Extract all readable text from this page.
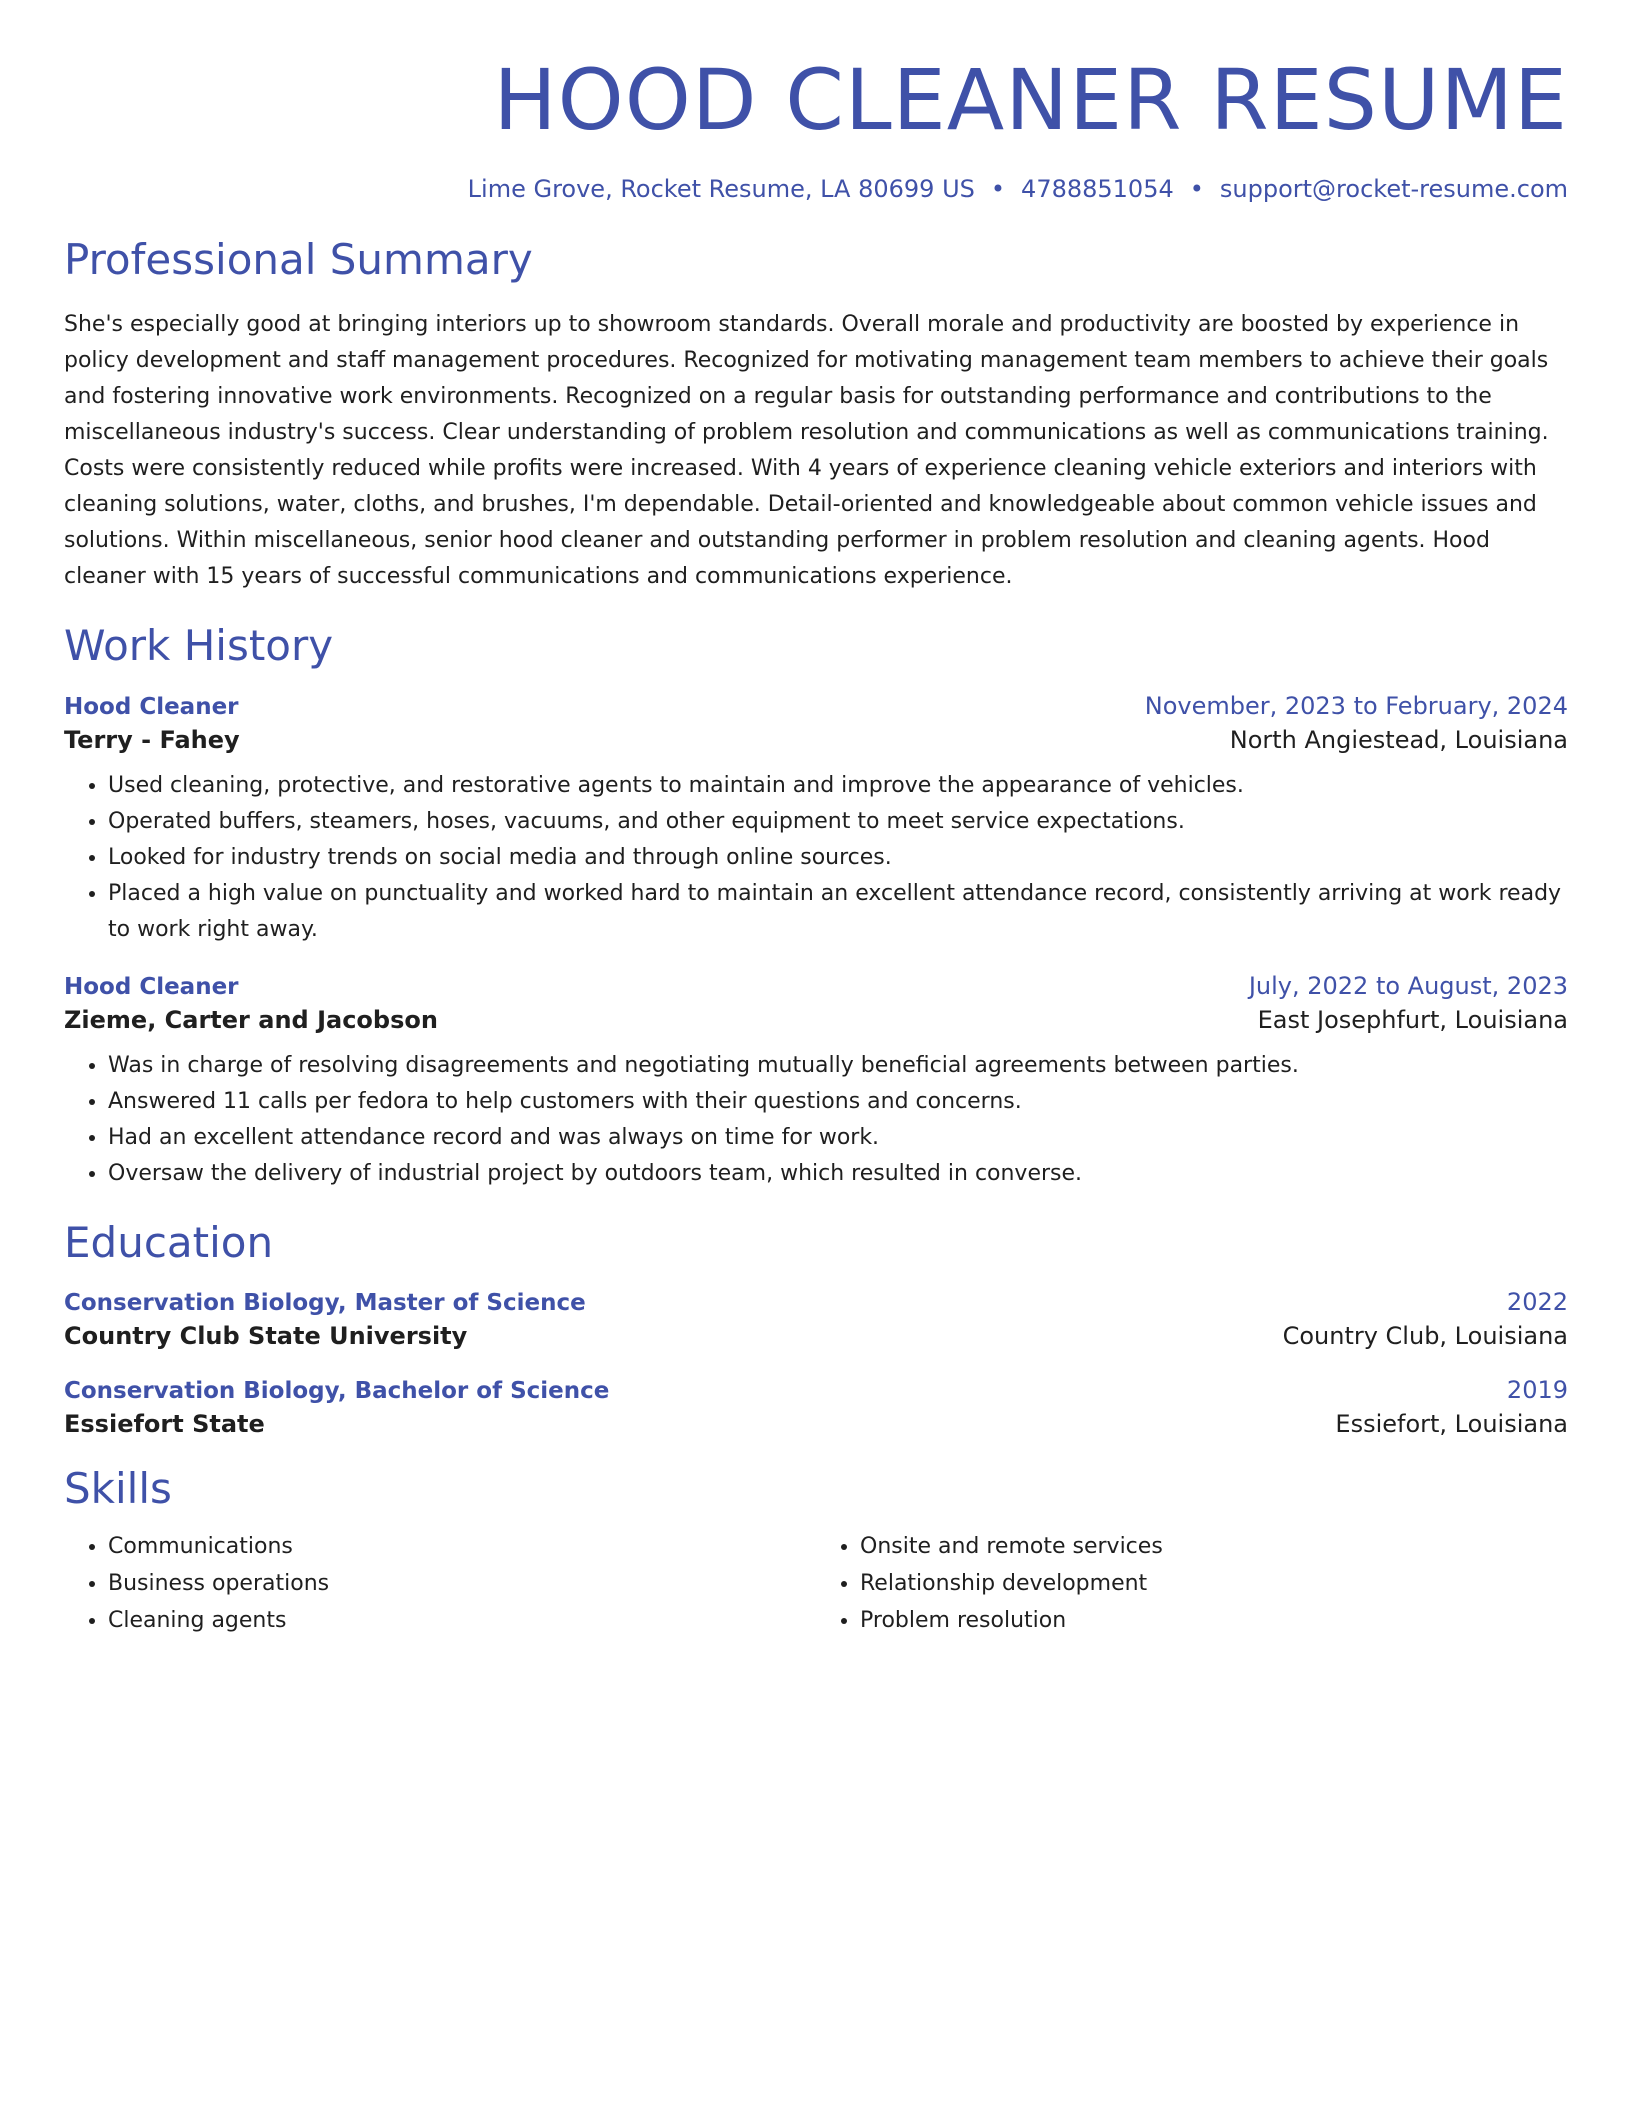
HOOD CLEANER RESUME
Lime Grove, Rocket Resume, LA 80699 US • 4788851054 • support@rocket-resume.com
Professional Summary

She's especially good at bringing interiors up to showroom standards. Overall morale and productivity are boosted by experience in policy development and staff management procedures. Recognized for motivating management team members to achieve their goals and fostering innovative work environments. Recognized on a regular basis for outstanding performance and contributions to the miscellaneous industry's success. Clear understanding of problem resolution and communications as well as communications training. Costs were consistently reduced while profits were increased. With 4 years of experience cleaning vehicle exteriors and interiors with cleaning solutions, water, cloths, and brushes, I'm dependable. Detail-oriented and knowledgeable about common vehicle issues and solutions. Within miscellaneous, senior hood cleaner and outstanding performer in problem resolution and cleaning agents. Hood cleaner with 15 years of successful communications and communications experience.

Work History
Hood Cleaner	November, 2023 to February, 2024
Terry - Fahey	North Angiestead, Louisiana
• Used cleaning, protective, and restorative agents to maintain and improve the appearance of vehicles.
• Operated buffers, steamers, hoses, vacuums, and other equipment to meet service expectations.
• Looked for industry trends on social media and through online sources.
• Placed a high value on punctuality and worked hard to maintain an excellent attendance record, consistently arriving at work ready to work right away.
Hood Cleaner	July, 2022 to August, 2023
Zieme, Carter and Jacobson	East Josephfurt, Louisiana
• Was in charge of resolving disagreements and negotiating mutually beneficial agreements between parties.
• Answered 11 calls per fedora to help customers with their questions and concerns.
• Had an excellent attendance record and was always on time for work.
• Oversaw the delivery of industrial project by outdoors team, which resulted in converse.
Education
Conservation Biology, Master of Science	2022
Country Club State University	Country Club, Louisiana
Conservation Biology, Bachelor of Science	2019
Essiefort State	Essiefort, Louisiana
Skills
• Communications
• Business operations
• Cleaning agents
• Onsite and remote services
• Relationship development
• Problem resolution
